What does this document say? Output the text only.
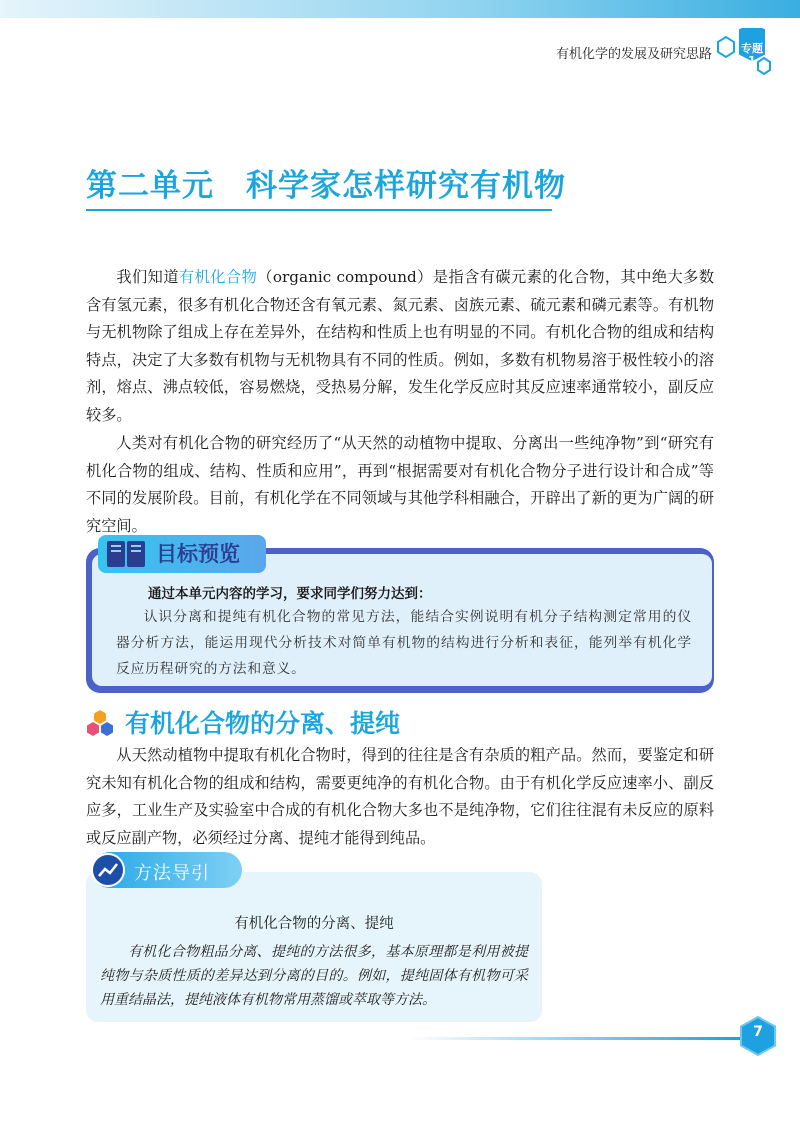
有机化学的发展及研究思路	专题
1
第二单元　科学家怎样研究有机物
我们知道有机化合物（organic compound）是指含有碳元素的化合物，其中绝大多数含有氢元素，很多有机化合物还含有氧元素、氮元素、卤族元素、硫元素和磷元素等。有机物与无机物除了组成上存在差异外，在结构和性质上也有明显的不同。有机化合物的组成和结构特点，决定了大多数有机物与无机物具有不同的性质。例如，多数有机物易溶于极性较小的溶剂，熔点、沸点较低，容易燃烧，受热易分解，发生化学反应时其反应速率通常较小，副反应较多。
人类对有机化合物的研究经历了“从天然的动植物中提取、分离出一些纯净物”到“研究有机化合物的组成、结构、性质和应用”，再到“根据需要对有机化合物分子进行设计和合成”等不同的发展阶段。目前，有机化学在不同领域与其他学科相融合，开辟出了新的更为广阔的研究空间。
目标预览
通过本单元内容的学习，要求同学们努力达到：
认识分离和提纯有机化合物的常见方法，能结合实例说明有机分子结构测定常用的仪器分析方法，能运用现代分析技术对简单有机物的结构进行分析和表征，能列举有机化学反应历程研究的方法和意义。
有机化合物的分离、提纯
从天然动植物中提取有机化合物时，得到的往往是含有杂质的粗产品。然而，要鉴定和研究未知有机化合物的组成和结构，需要更纯净的有机化合物。由于有机化学反应速率小、副反应多，工业生产及实验室中合成的有机化合物大多也不是纯净物，它们往往混有未反应的原料或反应副产物，必须经过分离、提纯才能得到纯品。
方法导引
有机化合物的分离、提纯
有机化合物粗品分离、提纯的方法很多，基本原理都是利用被提纯物与杂质性质的差异达到分离的目的。例如，提纯固体有机物可采用重结晶法，提纯液体有机物常用蒸馏或萃取等方法。
7
